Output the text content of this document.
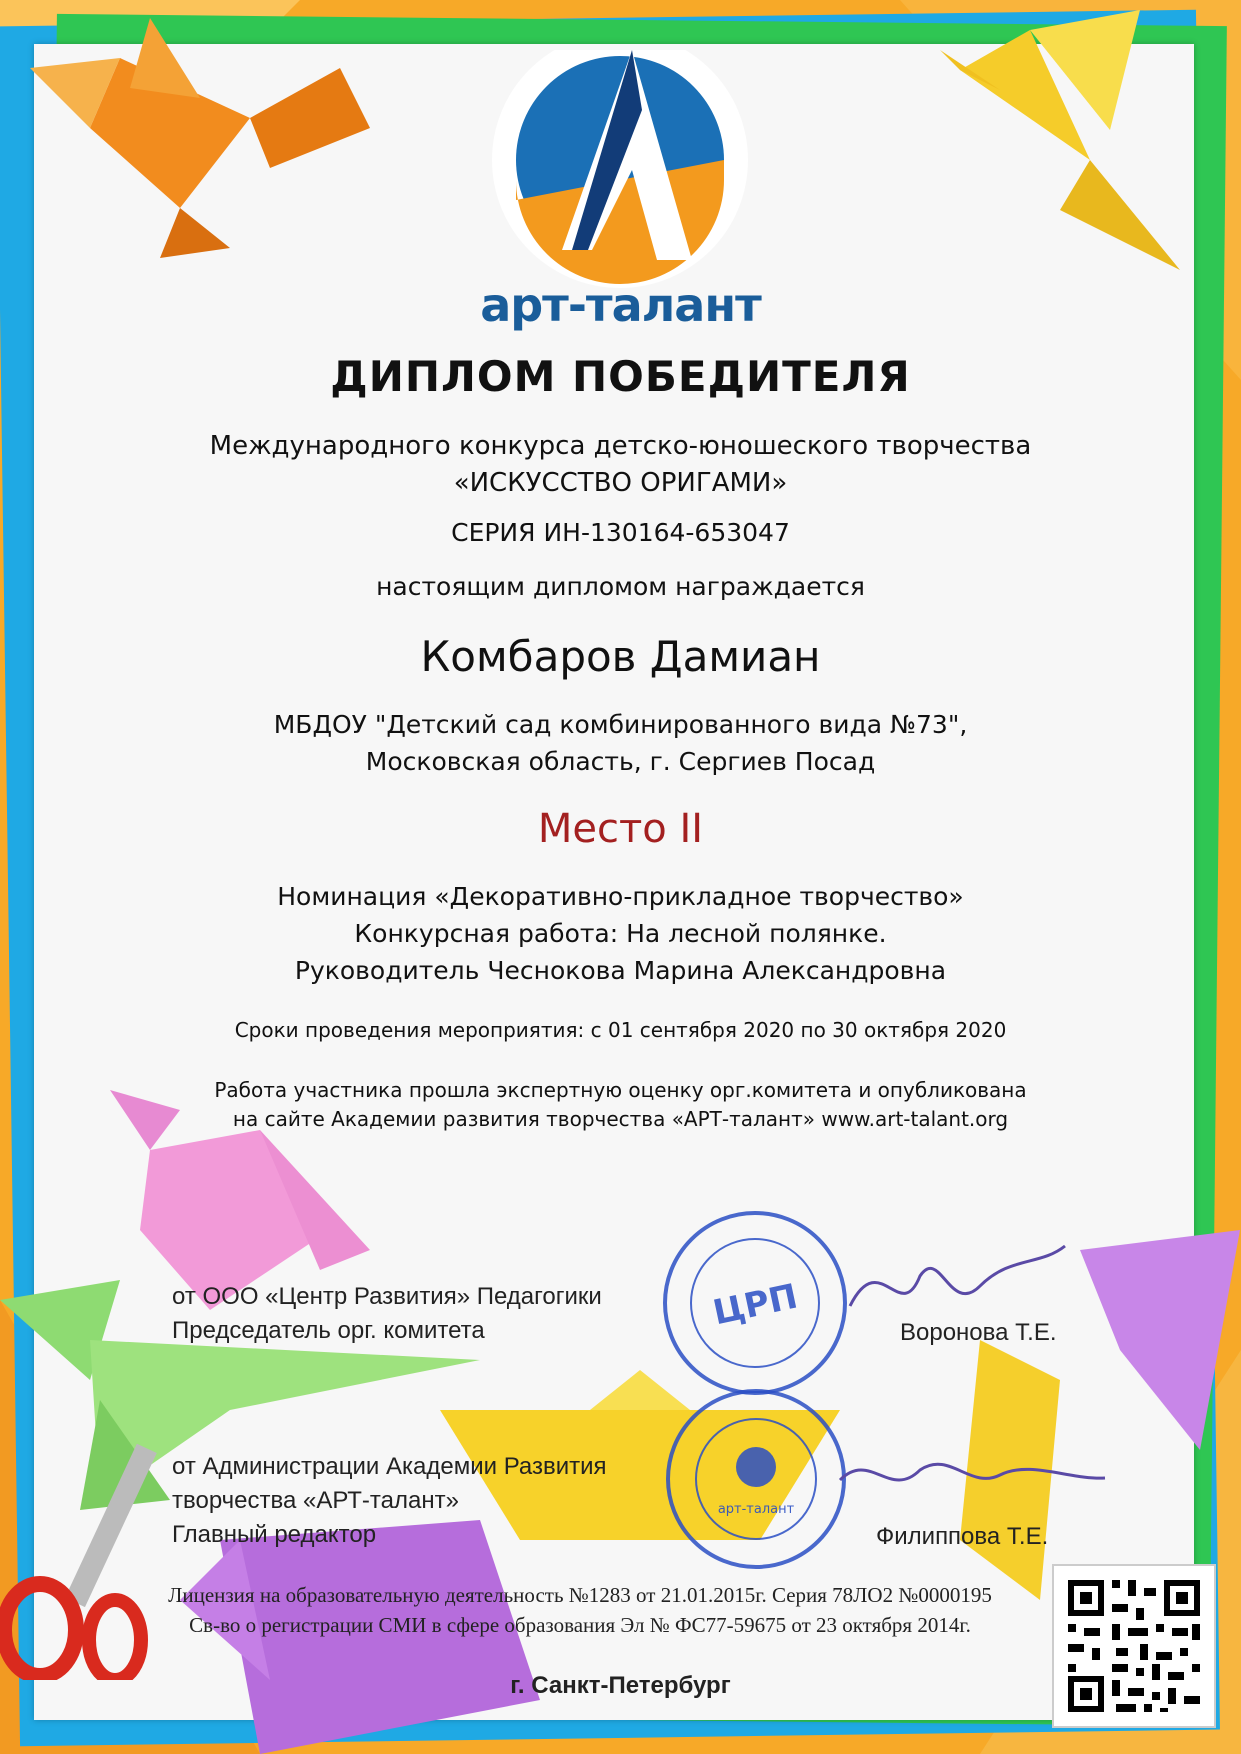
арт-талант
ДИПЛОМ ПОБЕДИТЕЛЯ
Международного конкурса детско-юношеского творчества
«ИСКУССТВО ОРИГАМИ»
СЕРИЯ ИН-130164-653047
настоящим дипломом награждается
Комбаров Дамиан
МБДОУ "Детский сад комбинированного вида №73",
Московская область, г. Сергиев Посад
Место II
Номинация «Декоративно-прикладное творчество»
Конкурсная работа: На лесной полянке.
Руководитель Чеснокова Марина Александровна
Сроки проведения мероприятия: с 01 сентября 2020 по 30 октября 2020
Работа участника прошла экспертную оценку орг.комитета и опубликована
на сайте Академии развития творчества «АРТ-талант» www.art-talant.org
ЦРП
арт-талант
от ООО «Центр Развития» Педагогики
Председатель орг. комитета	Воронова Т.Е.
от Администрации Академии Развития
творчества «АРТ-талант»
Главный редактор	Филиппова Т.Е.
Лицензия на образовательную деятельность №1283 от 21.01.2015г. Серия 78ЛО2 №0000195
Св-во о регистрации СМИ в сфере образования Эл № ФС77-59675 от 23 октября 2014г.
г. Санкт-Петербург
